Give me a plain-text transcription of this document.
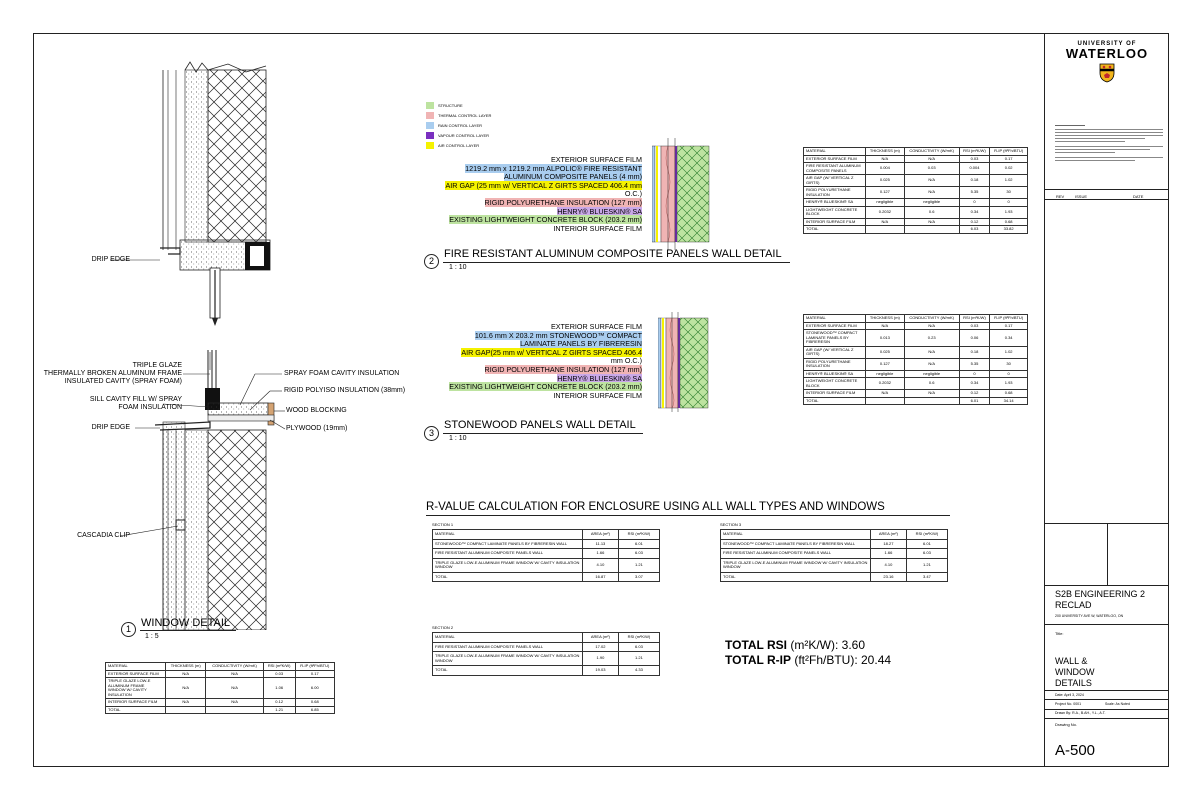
UNIVERSITY OF
WATERLOO
REV	ISSUE	DATE
S2B ENGINEERING 2 RECLAD
200 UNIVERSITY AVE W, WATERLOO, ON
Title:
WALL & WINDOW DETAILS
Date: April 3, 2024
Project No. 0001	Scale: As Noted
Drawn By: R.A., B.AH., Y.L., A.T.
Drawing No.
A-500
DRIP EDGE
TRIPLE GLAZE
THERMALLY BROKEN ALUMINUM FRAME
INSULATED CAVITY (SPRAY FOAM)
SILL CAVITY FILL W/ SPRAY
FOAM INSULATION
DRIP EDGE
SPRAY FOAM CAVITY INSULATION
RIGID POLYISO INSULATION (38mm)
WOOD BLOCKING
PLYWOOD (19mm)
CASCADIA CLIP
1 WINDOW DETAIL
1 : 5
MATERIAL	THICKNESS (m)	CONDUCTIVITY (W/mK)	RSI (m²K/W)	R-IP (ft²Fh/BTU)
EXTERIOR SURFACE FILM	N/A	N/A	0.03	0.17
TRIPLE GLAZE LOW-E ALUMINUM FRAME WINDOW W/ CAVITY INSULATION	N/A	N/A	1.06	6.00
INTERIOR SURFACE FILM	N/A	N/A	0.12	0.68
TOTAL			1.21	6.85
STRUCTURE
THERMAL CONTROL LAYER
RAIN CONTROL LAYER
VAPOUR CONTROL LAYER
AIR CONTROL LAYER
EXTERIOR SURFACE FILM
1219.2 mm x 1219.2 mm ALPOLIC® FIRE RESISTANT
ALUMINUM COMPOSITE PANELS (4 mm)
AIR GAP (25 mm w/ VERTICAL Z GIRTS SPACED 406.4 mm
O.C.)
RIGID POLYURETHANE INSULATION (127 mm)
HENRY® BLUESKIN® SA
EXISTING LIGHTWEIGHT CONCRETE BLOCK (203.2 mm)
INTERIOR SURFACE FILM
2
FIRE RESISTANT ALUMINUM COMPOSITE PANELS WALL DETAIL
1 : 10
MATERIAL	THICKNESS (m)	CONDUCTIVITY (W/mK)	RSI (m²K/W)	R-IP (ft²Fh/BTU)
EXTERIOR SURFACE FILM	N/A	N/A	0.03	0.17
FIRE RESISTANT ALUMINUM COMPOSITE PANELS	0.004	0.03	0.004	0.02
AIR GAP (W/ VERTICAL Z GIRTS)	0.025	N/A	0.18	1.02
RIGID POLYURETHANE INSULATION	0.127	N/A	5.35	30
HENRY® BLUESKIN® SA	negligible	negligible	0	0
LIGHTWEIGHT CONCRETE BLOCK	0.2032	0.6	0.34	1.93
INTERIOR SURFACE FILM	N/A	N/A	0.12	0.68
TOTAL			6.03	33.82
EXTERIOR SURFACE FILM
101.6 mm X 203.2 mm STONEWOOD™ COMPACT
LAMINATE PANELS BY FIBRERESIN
AIR GAP(25 mm w/ VERTICAL Z GIRTS SPACED 406.4
mm O.C.)
RIGID POLYURETHANE INSULATION (127 mm)
HENRY® BLUESKIN® SA
EXISTING LIGHTWEIGHT CONCRETE BLOCK (203.2 mm)
INTERIOR SURFACE FILM
3
STONEWOOD PANELS WALL DETAIL
1 : 10
MATERIAL	THICKNESS (m)	CONDUCTIVITY (W/mK)	RSI (m²K/W)	R-IP (ft²Fh/BTU)
EXTERIOR SURFACE FILM	N/A	N/A	0.03	0.17
STONEWOOD™ COMPACT LAMINATE PANELS BY FIBRERESIN	0.013	0.23	0.06	0.34
AIR GAP (W/ VERTICAL Z GIRTS)	0.025	N/A	0.18	1.02
RIGID POLYURETHANE INSULATION	0.127	N/A	5.35	30
HENRY® BLUESKIN® SA	negligible	negligible	0	0
LIGHTWEIGHT CONCRETE BLOCK	0.2032	0.6	0.34	1.93
INTERIOR SURFACE FILM	N/A	N/A	0.12	0.68
TOTAL			6.01	34.14
R-VALUE CALCULATION FOR ENCLOSURE USING ALL WALL TYPES AND WINDOWS
SECTION 1
MATERIAL	AREA (m²)	RSI (m²K/W)
STONEWOOD™ COMPACT LAMINATE PANELS BY FIBRERESIN WALL	11.13	6.01
FIRE RESISTANT ALUMINUM COMPOSITE PANELS WALL	1.66	6.03
TRIPLE GLAZE LOW-E ALUMINUM FRAME WINDOW W/ CAVITY INSULATION WINDOW	4.10	1.21
TOTAL	16.87	3.07
SECTION 2
MATERIAL	AREA (m²)	RSI (m²K/W)
FIRE RESISTANT ALUMINUM COMPOSITE PANELS WALL	17.02	6.03
TRIPLE GLAZE LOW-E ALUMINUM FRAME WINDOW W/ CAVITY INSULATION WINDOW	1.90	1.21
TOTAL	19.03	4.33
SECTION 3
MATERIAL	AREA (m²)	RSI (m²K/W)
STONEWOOD™ COMPACT LAMINATE PANELS BY FIBRERESIN WALL	18.27	6.01
FIRE RESISTANT ALUMINUM COMPOSITE PANELS WALL	1.66	6.03
TRIPLE GLAZE LOW-E ALUMINUM FRAME WINDOW W/ CAVITY INSULATION WINDOW	4.10	1.21
TOTAL	23.16	3.47
TOTAL RSI (m²K/W): 3.60
TOTAL R-IP (ft²Fh/BTU): 20.44
